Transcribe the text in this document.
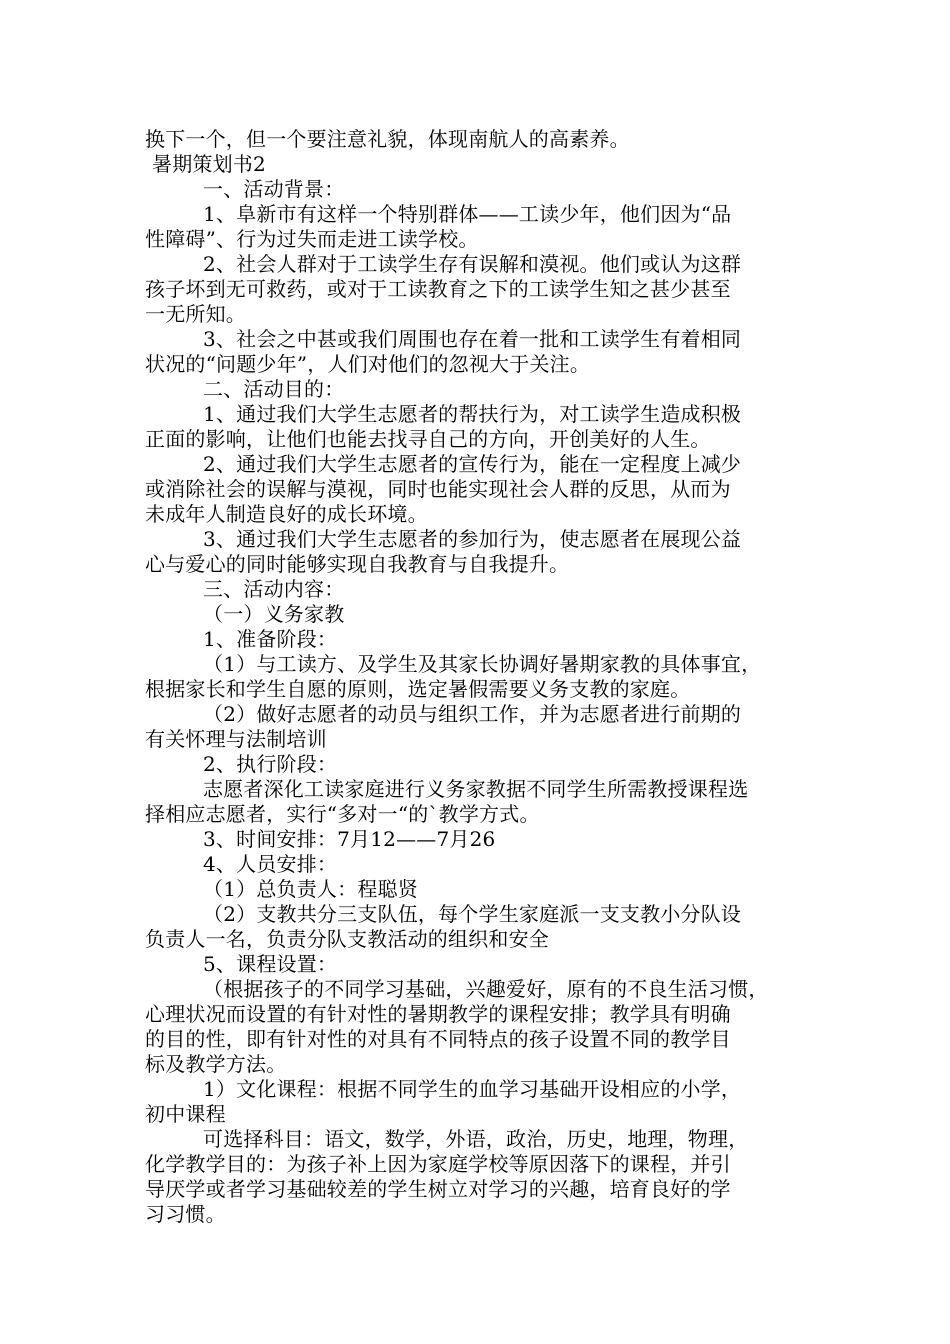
换下一个，但一个要注意礼貌，体现南航人的高素养。
暑期策划书2
一、活动背景：
1、阜新市有这样一个特别群体——工读少年，他们因为“品
性障碍”、行为过失而走进工读学校。
2、社会人群对于工读学生存有误解和漠视。他们或认为这群
孩子坏到无可救药，或对于工读教育之下的工读学生知之甚少甚至
一无所知。
3、社会之中甚或我们周围也存在着一批和工读学生有着相同
状况的“问题少年”，人们对他们的忽视大于关注。
二、活动目的：
1、通过我们大学生志愿者的帮扶行为，对工读学生造成积极
正面的影响，让他们也能去找寻自己的方向，开创美好的人生。
2、通过我们大学生志愿者的宣传行为，能在一定程度上减少
或消除社会的误解与漠视，同时也能实现社会人群的反思，从而为
未成年人制造良好的成长环境。
3、通过我们大学生志愿者的参加行为，使志愿者在展现公益
心与爱心的同时能够实现自我教育与自我提升。
三、活动内容：
（一）义务家教
1、准备阶段：
（1）与工读方、及学生及其家长协调好暑期家教的具体事宜，
根据家长和学生自愿的原则，选定暑假需要义务支教的家庭。
（2）做好志愿者的动员与组织工作，并为志愿者进行前期的
有关怀理与法制培训
2、执行阶段：
志愿者深化工读家庭进行义务家教据不同学生所需教授课程选
择相应志愿者，实行“多对一“的`教学方式。
3、时间安排：7月12——7月26
4、人员安排：
（1）总负责人：程聪贤
（2）支教共分三支队伍，每个学生家庭派一支支教小分队设
负责人一名，负责分队支教活动的组织和安全
5、课程设置：
（根据孩子的不同学习基础，兴趣爱好，原有的不良生活习惯，
心理状况而设置的有针对性的暑期教学的课程安排；教学具有明确
的目的性，即有针对性的对具有不同特点的孩子设置不同的教学目
标及教学方法。
1）文化课程：根据不同学生的血学习基础开设相应的小学，
初中课程
可选择科目：语文，数学，外语，政治，历史，地理，物理，
化学教学目的：为孩子补上因为家庭学校等原因落下的课程，并引
导厌学或者学习基础较差的学生树立对学习的兴趣，培育良好的学
习习惯。
